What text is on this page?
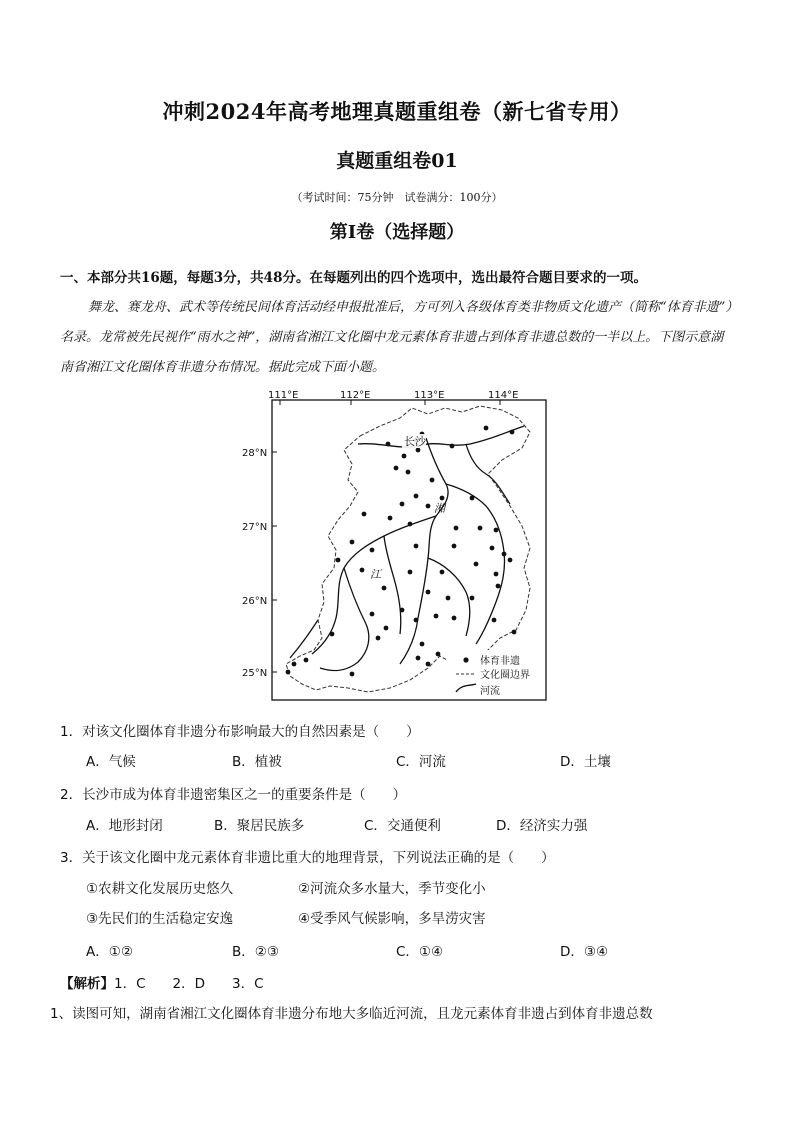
冲刺2024年高考地理真题重组卷（新七省专用）
真题重组卷01
（考试时间：75分钟　试卷满分：100分）
第I卷（选择题）
一、本部分共16题，每题3分，共48分。在每题列出的四个选项中，选出最符合题目要求的一项。
舞龙、赛龙舟、武术等传统民间体育活动经申报批准后，方可列入各级体育类非物质文化遗产（简称“体育非遗”）名录。龙常被先民视作“雨水之神”，湖南省湘江文化圈中龙元素体育非遗占到体育非遗总数的一半以上。下图示意湖南省湘江文化圈体育非遗分布情况。据此完成下面小题。
111°E	112°E	113°E	114°E
28°N
27°N
26°N
25°N
长沙
湘
江
体育非遗
文化圈边界
河流
1．对该文化圈体育非遗分布影响最大的自然因素是（　　）
A．气候	B．植被	C．河流	D．土壤
2．长沙市成为体育非遗密集区之一的重要条件是（　　）
A．地形封闭	B．聚居民族多	C．交通便利	D．经济实力强
3．关于该文化圈中龙元素体育非遗比重大的地理背景，下列说法正确的是（　　）
①农耕文化发展历史悠久	②河流众多水量大，季节变化小
③先民们的生活稳定安逸	④受季风气候影响，多旱涝灾害
A．①②	B．②③	C．①④	D．③④
【解析】1．C　　2．D　　3．C
1、读图可知，湖南省湘江文化圈体育非遗分布地大多临近河流，且龙元素体育非遗占到体育非遗总数
